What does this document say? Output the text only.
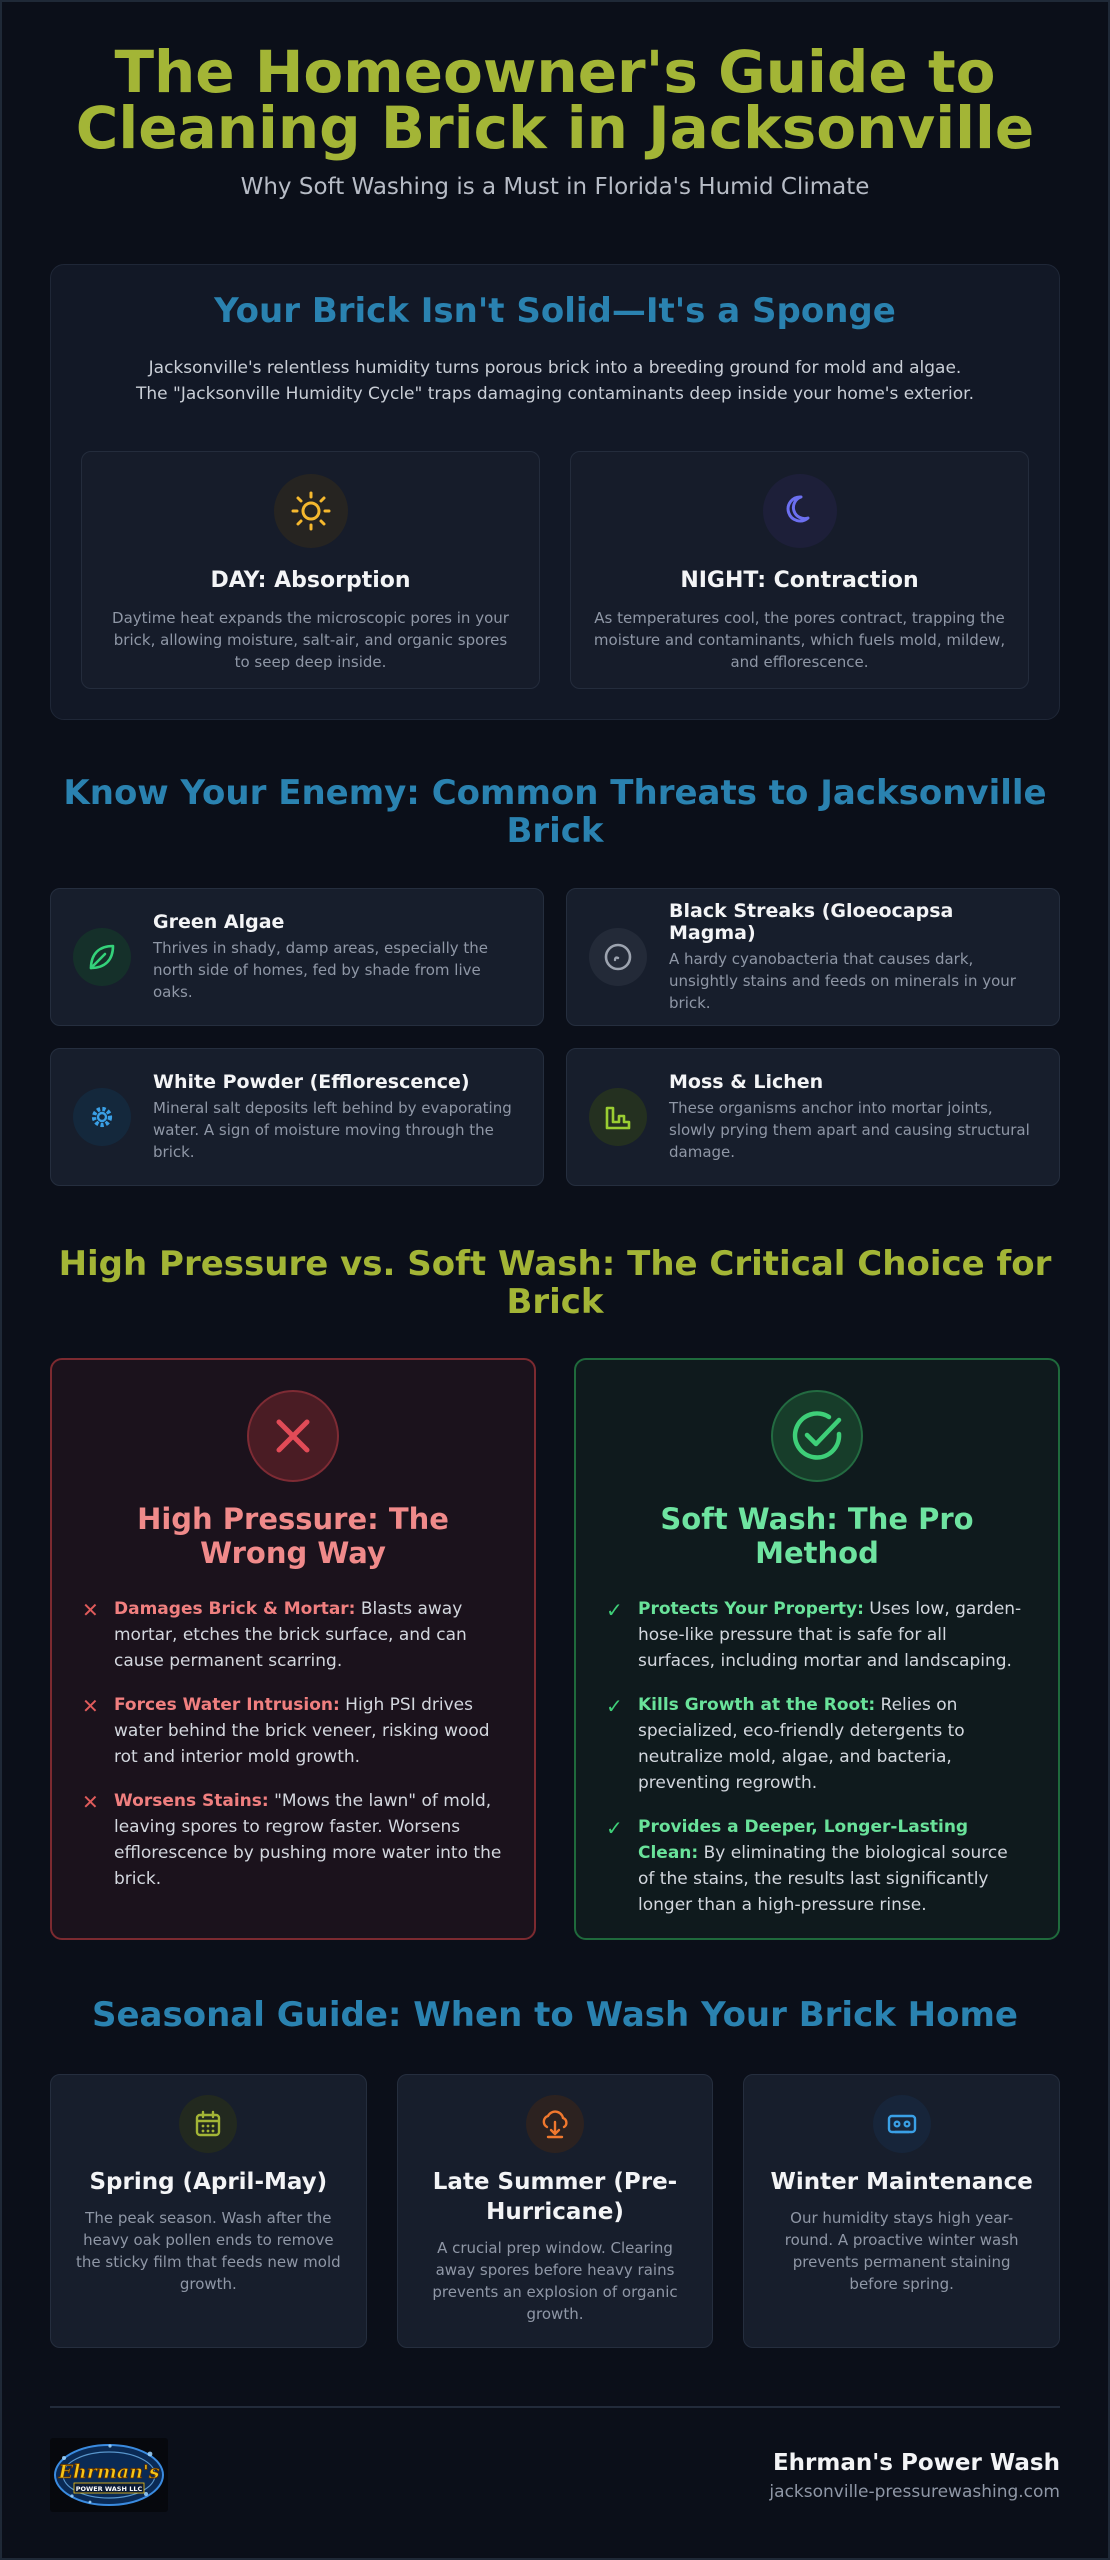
The Homeowner's Guide to
Cleaning Brick in Jacksonville
Why Soft Washing is a Must in Florida's Humid Climate
Your Brick Isn't Solid—It's a Sponge
Jacksonville's relentless humidity turns porous brick into a breeding ground for mold and algae.
The "Jacksonville Humidity Cycle" traps damaging contaminants deep inside your home's exterior.
DAY: Absorption

Daytime heat expands the microscopic pores in your brick, allowing moisture, salt-air, and organic spores to seep deep inside.

NIGHT: Contraction

As temperatures cool, the pores contract, trapping the moisture and contaminants, which fuels mold, mildew, and efflorescence.

Know Your Enemy: Common Threats to Jacksonville Brick
Green Algae

Thrives in shady, damp areas, especially the north side of homes, fed by shade from live oaks.

Black Streaks (Gloeocapsa Magma)

A hardy cyanobacteria that causes dark, unsightly stains and feeds on minerals in your brick.

White Powder (Efflorescence)

Mineral salt deposits left behind by evaporating water. A sign of moisture moving through the brick.

Moss & Lichen

These organisms anchor into mortar joints, slowly prying them apart and causing structural damage.

High Pressure vs. Soft Wash: The Critical Choice for Brick
High Pressure: The Wrong Way
✕ Damages Brick & Mortar: Blasts away mortar, etches the brick surface, and can cause permanent scarring.
✕ Forces Water Intrusion: High PSI drives water behind the brick veneer, risking wood rot and interior mold growth.
✕ Worsens Stains: "Mows the lawn" of mold, leaving spores to regrow faster. Worsens efflorescence by pushing more water into the brick.
Soft Wash: The Pro Method
✓ Protects Your Property: Uses low, garden-hose-like pressure that is safe for all surfaces, including mortar and landscaping.
✓ Kills Growth at the Root: Relies on specialized, eco-friendly detergents to neutralize mold, algae, and bacteria, preventing regrowth.
✓ Provides a Deeper, Longer-Lasting Clean: By eliminating the biological source of the stains, the results last significantly longer than a high-pressure rinse.
Seasonal Guide: When to Wash Your Brick Home
Spring (April-May)

The peak season. Wash after the heavy oak pollen ends to remove the sticky film that feeds new mold growth.

Late Summer (Pre-Hurricane)

A crucial prep window. Clearing away spores before heavy rains prevents an explosion of organic growth.

Winter Maintenance

Our humidity stays high year-round. A proactive winter wash prevents permanent staining before spring.

Ehrman's
POWER WASH LLC
Ehrman's Power Wash
jacksonville-pressurewashing.com
